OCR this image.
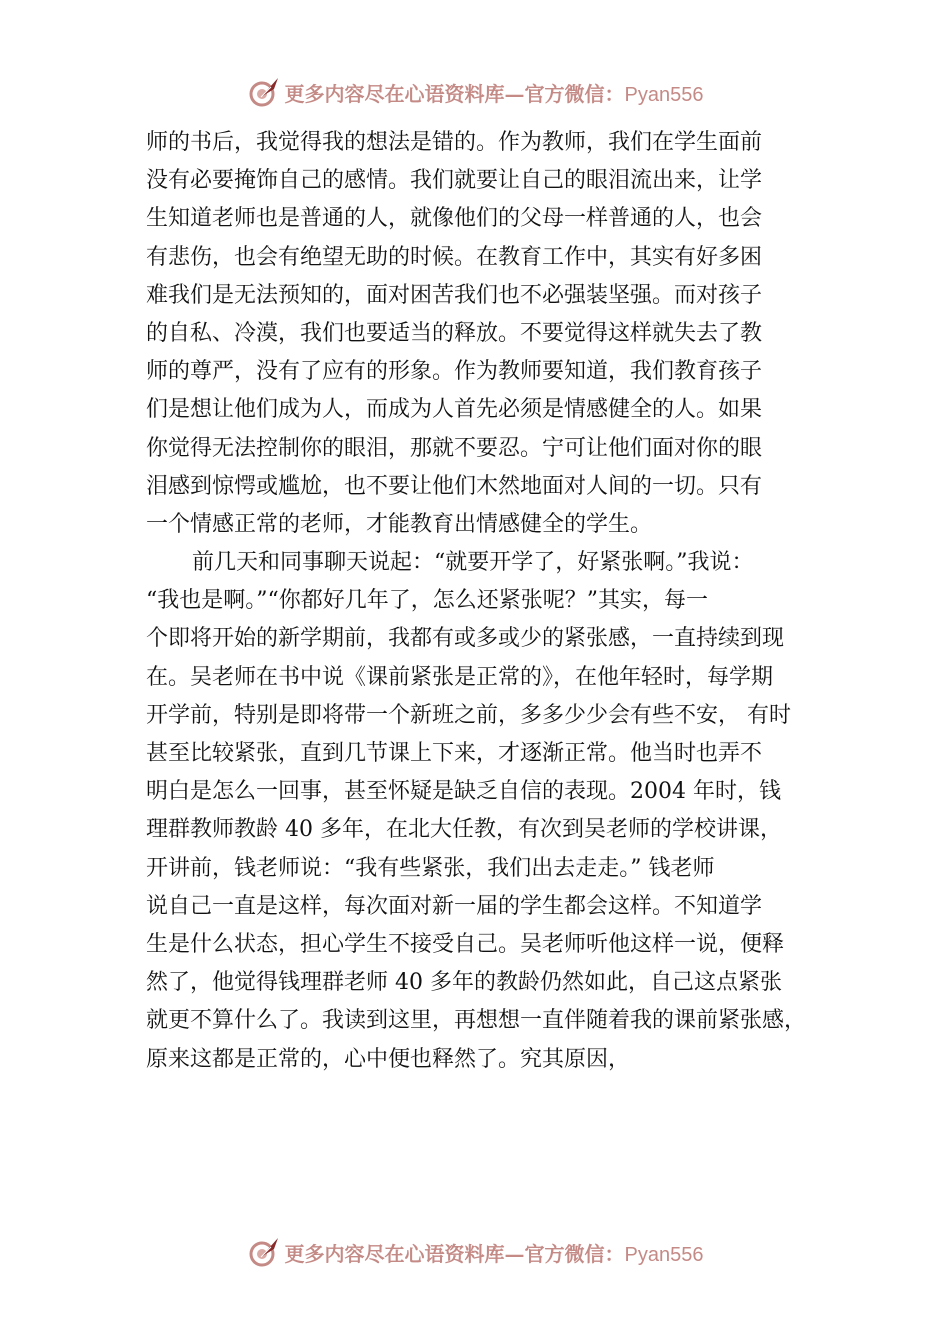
更多内容尽在心语资料库—官方微信：Pyan556
师的书后，我觉得我的想法是错的。作为教师，我们在学生面前
没有必要掩饰自己的感情。我们就要让自己的眼泪流出来，让学
生知道老师也是普通的人，就像他们的父母一样普通的人，也会
有悲伤，也会有绝望无助的时候。在教育工作中，其实有好多困
难我们是无法预知的，面对困苦我们也不必强装坚强。而对孩子
的自私、冷漠，我们也要适当的释放。不要觉得这样就失去了教
师的尊严，没有了应有的形象。作为教师要知道，我们教育孩子
们是想让他们成为人，而成为人首先必须是情感健全的人。如果
你觉得无法控制你的眼泪，那就不要忍。宁可让他们面对你的眼
泪感到惊愕或尴尬，也不要让他们木然地面对人间的一切。只有
一个情感正常的老师，才能教育出情感健全的学生。
前几天和同事聊天说起：“就要开学了，好紧张啊。”我说：
“我也是啊。”“你都好几年了，怎么还紧张呢？”其实，每一
个即将开始的新学期前，我都有或多或少的紧张感，一直持续到现
在。吴老师在书中说《课前紧张是正常的》，在他年轻时，每学期
开学前，特别是即将带一个新班之前，多多少少会有些不安， 有时
甚至比较紧张，直到几节课上下来，才逐渐正常。他当时也弄不
明白是怎么一回事，甚至怀疑是缺乏自信的表现。2004 年时，钱
理群教师教龄 40 多年，在北大任教，有次到吴老师的学校讲课，
开讲前，钱老师说：“我有些紧张，我们出去走走。” 钱老师
说自己一直是这样，每次面对新一届的学生都会这样。不知道学
生是什么状态，担心学生不接受自己。吴老师听他这样一说，便释
然了，他觉得钱理群老师 40 多年的教龄仍然如此，自己这点紧张
就更不算什么了。我读到这里，再想想一直伴随着我的课前紧张感，
原来这都是正常的，心中便也释然了。究其原因，
更多内容尽在心语资料库—官方微信：Pyan556
